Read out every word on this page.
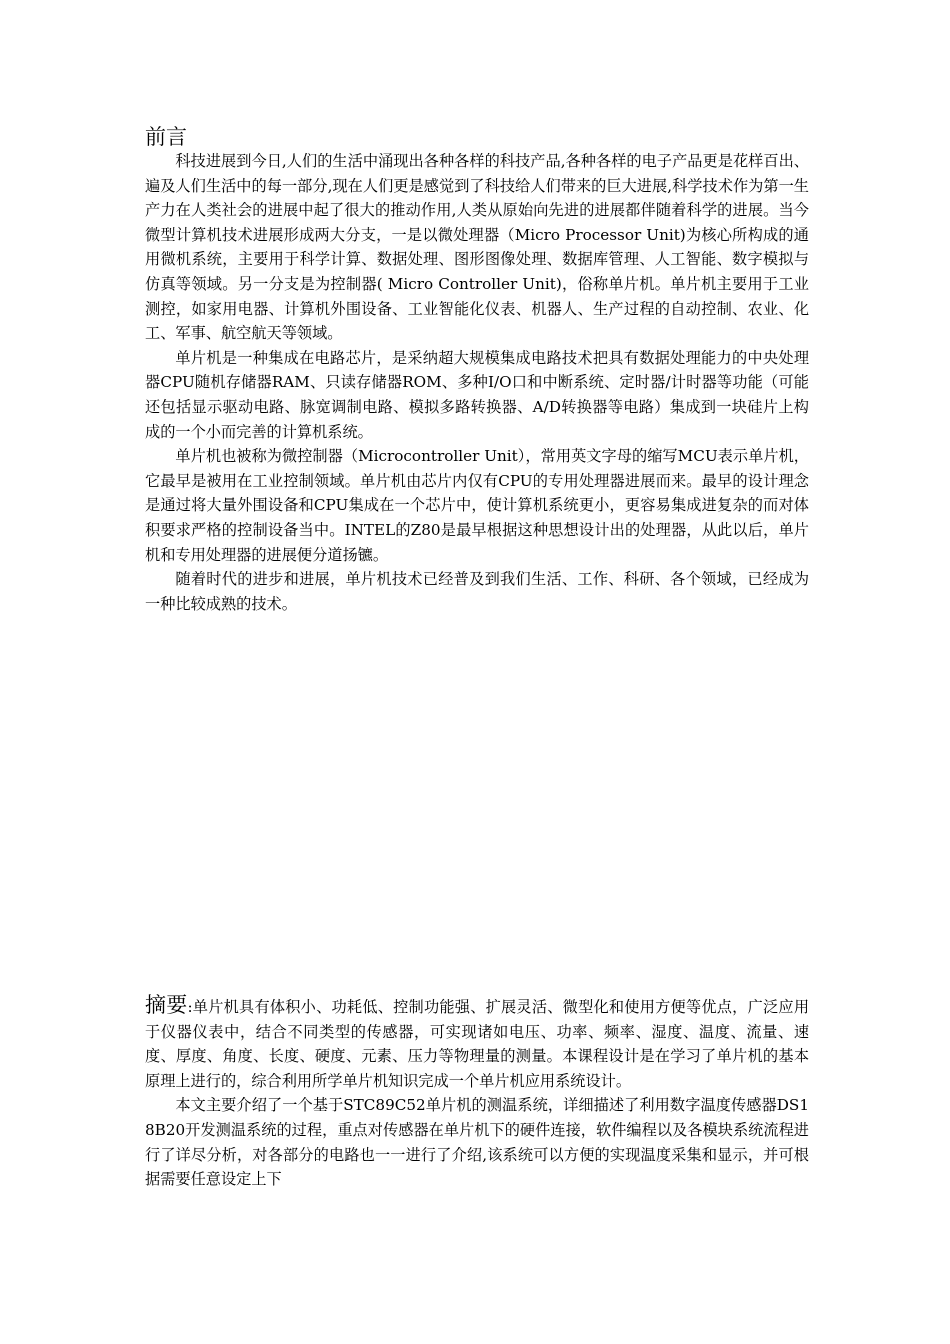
前言

科技进展到今日,人们的生活中涌现出各种各样的科技产品,各种各样的电子产品更是花样百出、遍及人们生活中的每一部分,现在人们更是感觉到了科技给人们带来的巨大进展,科学技术作为第一生产力在人类社会的进展中起了很大的推动作用,人类从原始向先进的进展都伴随着科学的进展。当今微型计算机技术进展形成两大分支，一是以微处理器（Micro Processor Unit)为核心所构成的通用微机系统，主要用于科学计算、数据处理、图形图像处理、数据库管理、人工智能、数字模拟与仿真等领域。另一分支是为控制器( Micro Controller Unit)，俗称单片机。单片机主要用于工业测控，如家用电器、计算机外围设备、工业智能化仪表、机器人、生产过程的自动控制、农业、化工、军事、航空航天等领域。

单片机是一种集成在电路芯片，是采纳超大规模集成电路技术把具有数据处理能力的中央处理器CPU随机存储器RAM、只读存储器ROM、多种I/O口和中断系统、定时器/计时器等功能（可能还包括显示驱动电路、脉宽调制电路、模拟多路转换器、A/D转换器等电路）集成到一块硅片上构成的一个小而完善的计算机系统。

单片机也被称为微控制器（Microcontroller Unit），常用英文字母的缩写MCU表示单片机，它最早是被用在工业控制领域。单片机由芯片内仅有CPU的专用处理器进展而来。最早的设计理念是通过将大量外围设备和CPU集成在一个芯片中，使计算机系统更小，更容易集成进复杂的而对体积要求严格的控制设备当中。INTEL的Z80是最早根据这种思想设计出的处理器，从此以后，单片机和专用处理器的进展便分道扬镳。

随着时代的进步和进展，单片机技术已经普及到我们生活、工作、科研、各个领域，已经成为一种比较成熟的技术。

摘要:单片机具有体积小、功耗低、控制功能强、扩展灵活、微型化和使用方便等优点，广泛应用于仪器仪表中，结合不同类型的传感器，可实现诸如电压、功率、频率、湿度、温度、流量、速度、厚度、角度、长度、硬度、元素、压力等物理量的测量。本课程设计是在学习了单片机的基本原理上进行的，综合利用所学单片机知识完成一个单片机应用系统设计。

本文主要介绍了一个基于STC89C52单片机的测温系统，详细描述了利用数字温度传感器DS18B20开发测温系统的过程，重点对传感器在单片机下的硬件连接，软件编程以及各模块系统流程进行了详尽分析，对各部分的电路也一一进行了介绍,该系统可以方便的实现温度采集和显示，并可根据需要任意设定上下
